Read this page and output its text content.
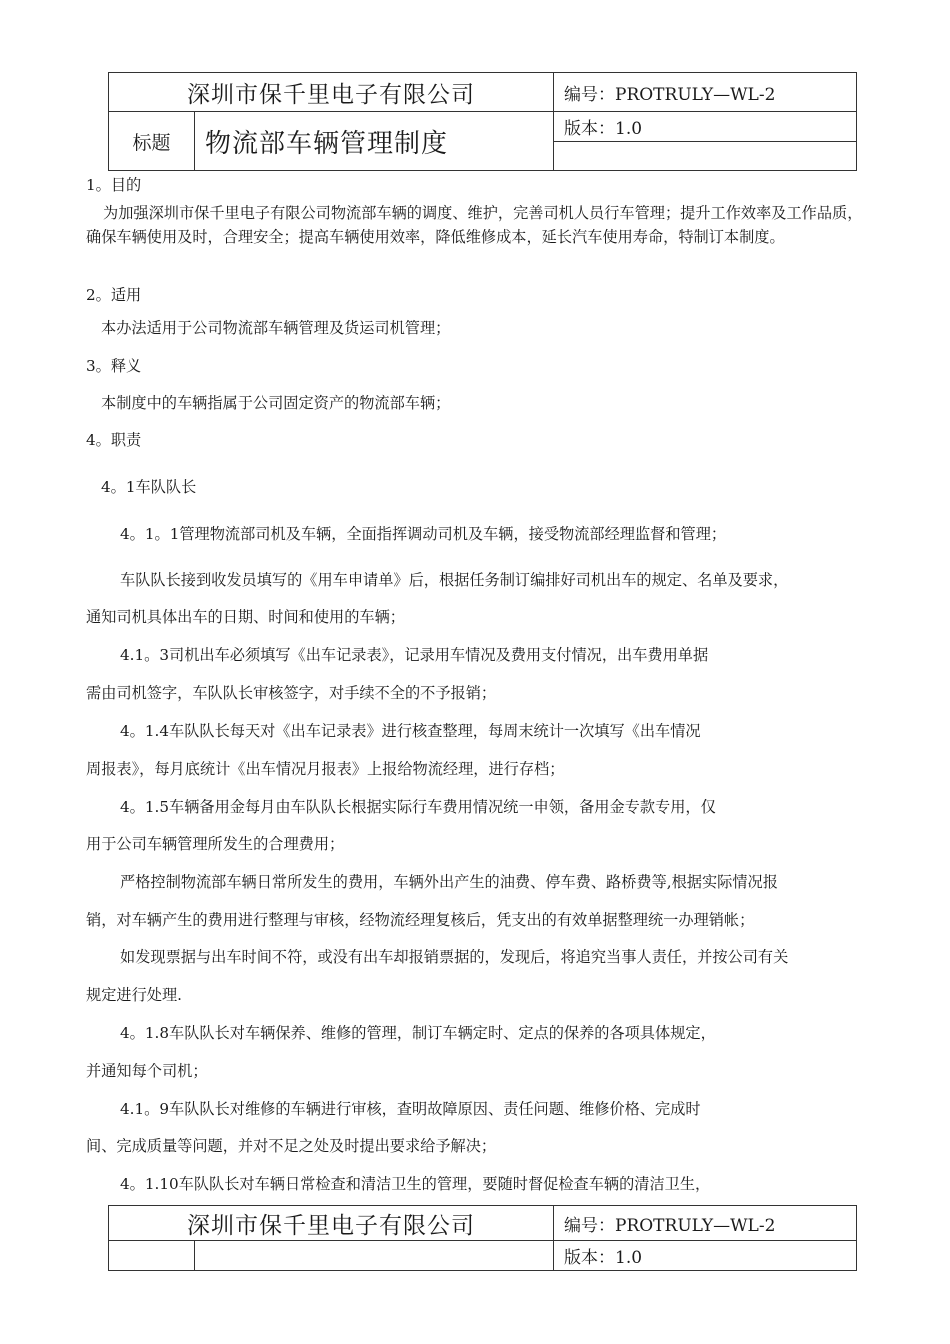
深圳市保千里电子有限公司		编号：PROTRULY—WL-2
标题	物流部车辆管理制度	版本：1.0

1。目的
为加强深圳市保千里电子有限公司物流部车辆的调度、维护，完善司机人员行车管理；提升工作效率及工作品质，确保车辆使用及时，合理安全；提高车辆使用效率，降低维修成本，延长汽车使用寿命，特制订本制度。
2。适用
本办法适用于公司物流部车辆管理及货运司机管理；
3。释义
本制度中的车辆指属于公司固定资产的物流部车辆；
4。职责
4。1车队队长
4。1。1管理物流部司机及车辆，全面指挥调动司机及车辆，接受物流部经理监督和管理；
车队队长接到收发员填写的《用车申请单》后，根据任务制订编排好司机出车的规定、名单及要求，
通知司机具体出车的日期、时间和使用的车辆；
4.1。3司机出车必须填写《出车记录表》，记录用车情况及费用支付情况，出车费用单据
需由司机签字，车队队长审核签字，对手续不全的不予报销；
4。1.4车队队长每天对《出车记录表》进行核查整理，每周末统计一次填写《出车情况
周报表》，每月底统计《出车情况月报表》上报给物流经理，进行存档；
4。1.5车辆备用金每月由车队队长根据实际行车费用情况统一申领，备用金专款专用，仅
用于公司车辆管理所发生的合理费用；
严格控制物流部车辆日常所发生的费用，车辆外出产生的油费、停车费、路桥费等,根据实际情况报
销，对车辆产生的费用进行整理与审核，经物流经理复核后，凭支出的有效单据整理统一办理销帐；
如发现票据与出车时间不符，或没有出车却报销票据的，发现后，将追究当事人责任，并按公司有关
规定进行处理.
4。1.8车队队长对车辆保养、维修的管理，制订车辆定时、定点的保养的各项具体规定，
并通知每个司机；
4.1。9车队队长对维修的车辆进行审核，查明故障原因、责任问题、维修价格、完成时
间、完成质量等问题，并对不足之处及时提出要求给予解决；
4。1.10车队队长对车辆日常检查和清洁卫生的管理，要随时督促检查车辆的清洁卫生，
深圳市保千里电子有限公司		编号：PROTRULY—WL-2
		版本：1.0
